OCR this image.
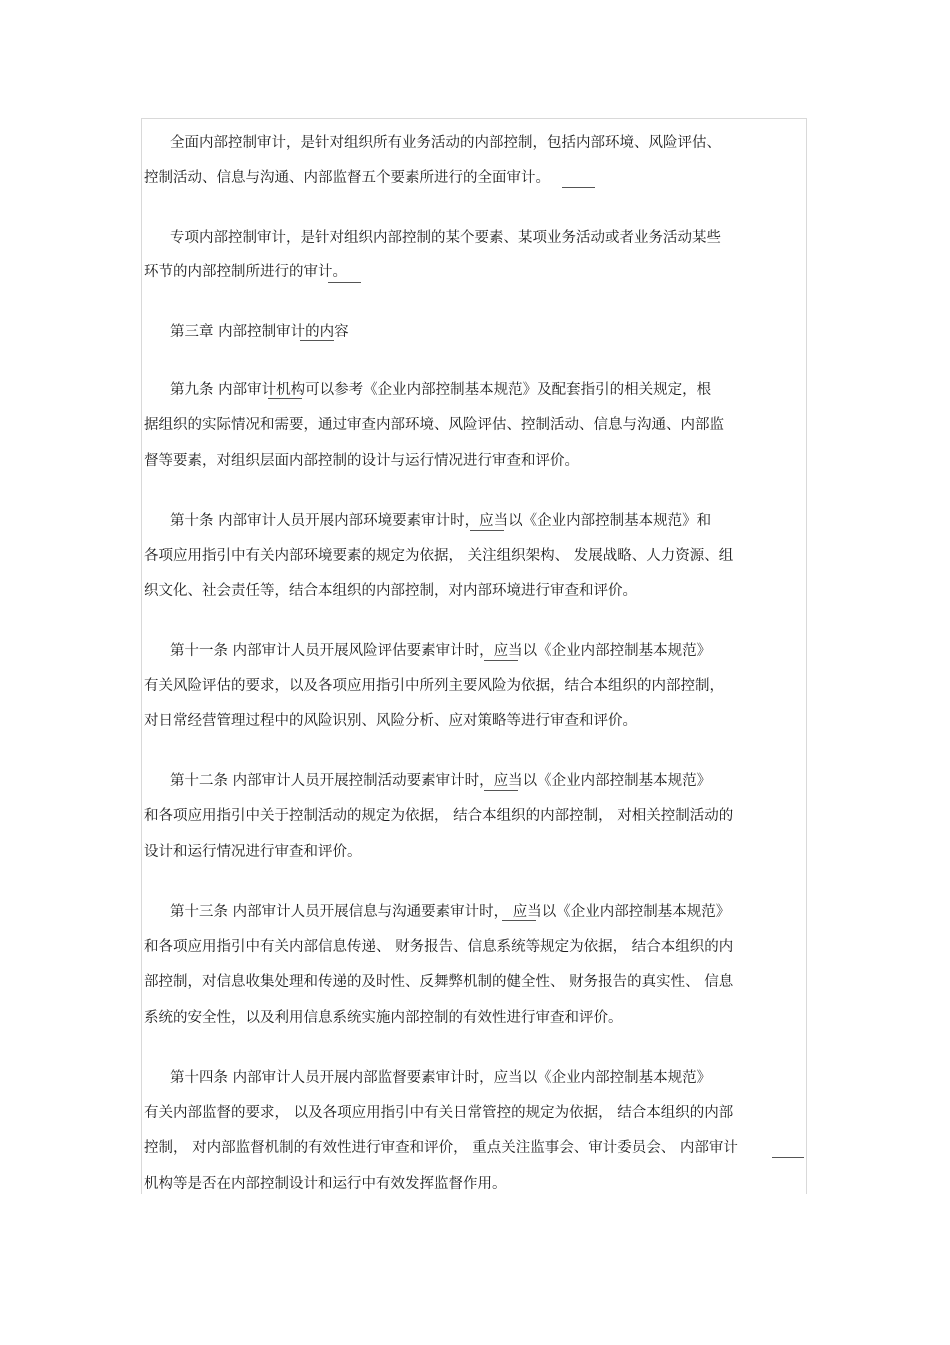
全面内部控制审计，是针对组织所有业务活动的内部控制，包括内部环境、风险评估、
控制活动、信息与沟通、内部监督五个要素所进行的全面审计。
专项内部控制审计，是针对组织内部控制的某个要素、某项业务活动或者业务活动某些
环节的内部控制所进行的审计。
第三章 内部控制审计的内容
第九条 内部审计机构可以参考《企业内部控制基本规范》及配套指引的相关规定，根
据组织的实际情况和需要，通过审查内部环境、风险评估、控制活动、信息与沟通、内部监
督等要素，对组织层面内部控制的设计与运行情况进行审查和评价。
第十条 内部审计人员开展内部环境要素审计时，应当以《企业内部控制基本规范》和
各项应用指引中有关内部环境要素的规定为依据， 关注组织架构、 发展战略、人力资源、组
织文化、社会责任等，结合本组织的内部控制，对内部环境进行审查和评价。
第十一条 内部审计人员开展风险评估要素审计时，应当以《企业内部控制基本规范》
有关风险评估的要求，以及各项应用指引中所列主要风险为依据，结合本组织的内部控制，
对日常经营管理过程中的风险识别、风险分析、应对策略等进行审查和评价。
第十二条 内部审计人员开展控制活动要素审计时，应当以《企业内部控制基本规范》
和各项应用指引中关于控制活动的规定为依据， 结合本组织的内部控制， 对相关控制活动的
设计和运行情况进行审查和评价。
第十三条 内部审计人员开展信息与沟通要素审计时， 应当以《企业内部控制基本规范》
和各项应用指引中有关内部信息传递、 财务报告、信息系统等规定为依据， 结合本组织的内
部控制，对信息收集处理和传递的及时性、反舞弊机制的健全性、 财务报告的真实性、 信息
系统的安全性，以及利用信息系统实施内部控制的有效性进行审查和评价。
第十四条 内部审计人员开展内部监督要素审计时，应当以《企业内部控制基本规范》
有关内部监督的要求， 以及各项应用指引中有关日常管控的规定为依据， 结合本组织的内部
控制， 对内部监督机制的有效性进行审查和评价， 重点关注监事会、审计委员会、 内部审计
机构等是否在内部控制设计和运行中有效发挥监督作用。
